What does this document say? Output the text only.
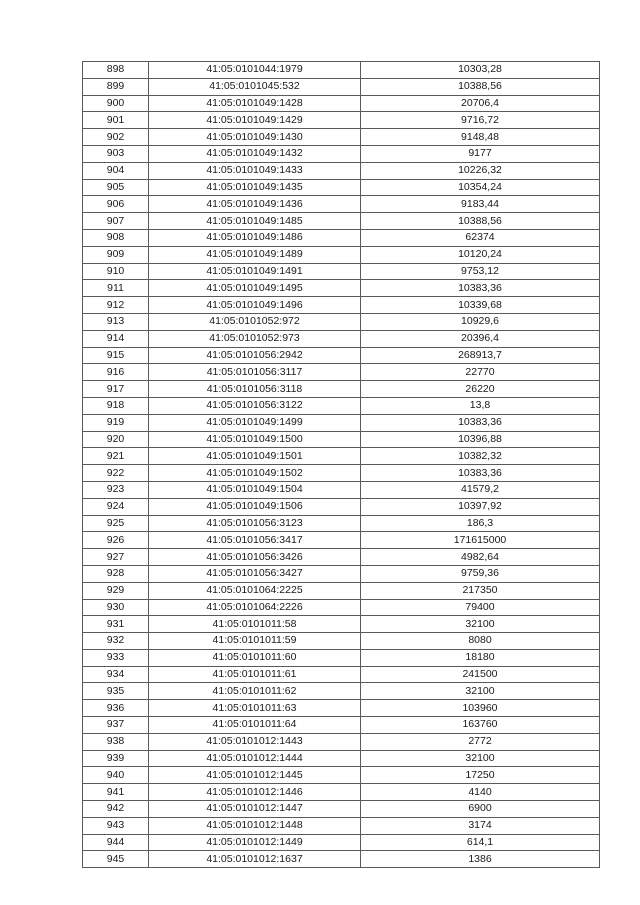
898	41:05:0101044:1979	10303,28
899	41:05:0101045:532	10388,56
900	41:05:0101049:1428	20706,4
901	41:05:0101049:1429	9716,72
902	41:05:0101049:1430	9148,48
903	41:05:0101049:1432	9177
904	41:05:0101049:1433	10226,32
905	41:05:0101049:1435	10354,24
906	41:05:0101049:1436	9183,44
907	41:05:0101049:1485	10388,56
908	41:05:0101049:1486	62374
909	41:05:0101049:1489	10120,24
910	41:05:0101049:1491	9753,12
911	41:05:0101049:1495	10383,36
912	41:05:0101049:1496	10339,68
913	41:05:0101052:972	10929,6
914	41:05:0101052:973	20396,4
915	41:05:0101056:2942	268913,7
916	41:05:0101056:3117	22770
917	41:05:0101056:3118	26220
918	41:05:0101056:3122	13,8
919	41:05:0101049:1499	10383,36
920	41:05:0101049:1500	10396,88
921	41:05:0101049:1501	10382,32
922	41:05:0101049:1502	10383,36
923	41:05:0101049:1504	41579,2
924	41:05:0101049:1506	10397,92
925	41:05:0101056:3123	186,3
926	41:05:0101056:3417	171615000
927	41:05:0101056:3426	4982,64
928	41:05:0101056:3427	9759,36
929	41:05:0101064:2225	217350
930	41:05:0101064:2226	79400
931	41:05:0101011:58	32100
932	41:05:0101011:59	8080
933	41:05:0101011:60	18180
934	41:05:0101011:61	241500
935	41:05:0101011:62	32100
936	41:05:0101011:63	103960
937	41:05:0101011:64	163760
938	41:05:0101012:1443	2772
939	41:05:0101012:1444	32100
940	41:05:0101012:1445	17250
941	41:05:0101012:1446	4140
942	41:05:0101012:1447	6900
943	41:05:0101012:1448	3174
944	41:05:0101012:1449	614,1
945	41:05:0101012:1637	1386
